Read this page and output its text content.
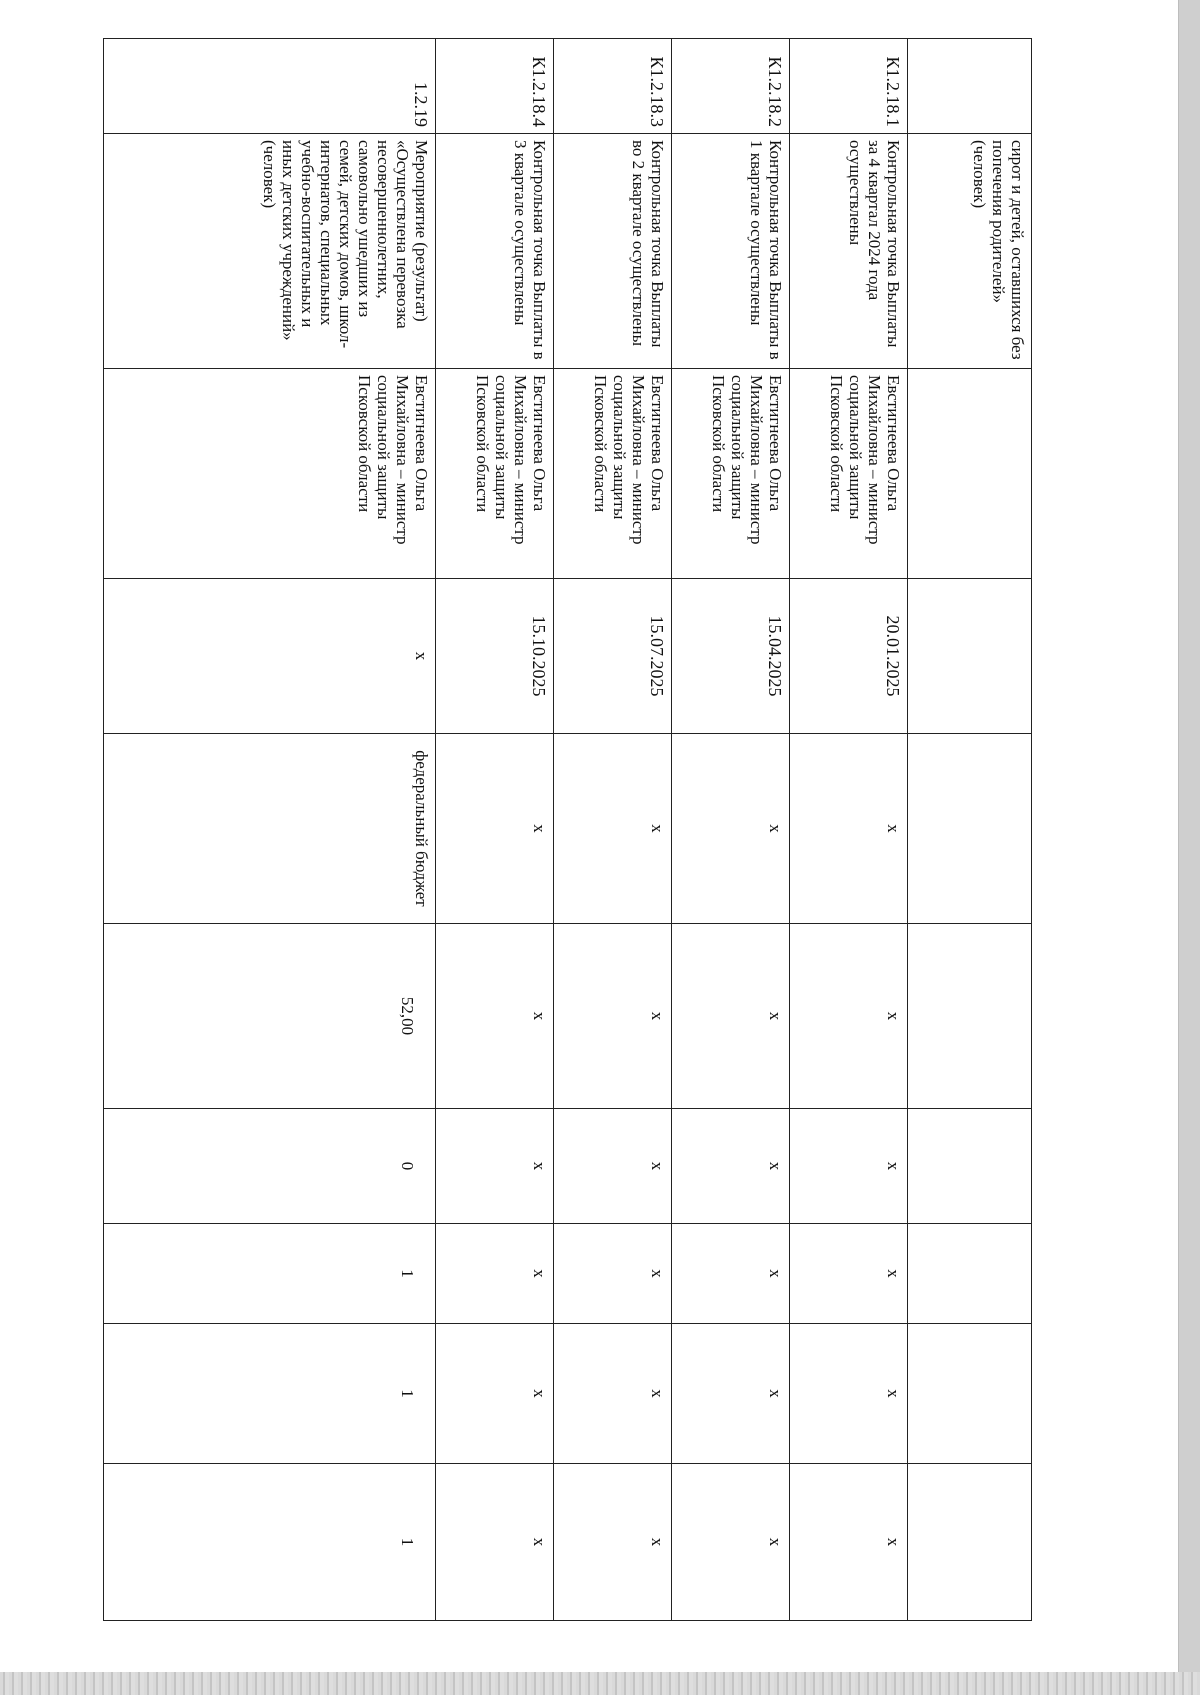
	сирот и детей, оставшихся без попечения родителей» (человек)								
К1.2.18.1	Контрольная точка Выплаты за 4 квартал 2024 года осуществлены	Евстигнеева Ольга Михайловна – министр социальной защиты Псковской области	20.01.2025	х	х	х	х	х	х
К1.2.18.2	Контрольная точка Выплаты в 1 квартале осуществлены	Евстигнеева Ольга Михайловна – министр социальной защиты Псковской области	15.04.2025	х	х	х	х	х	х
К1.2.18.3	Контрольная точка Выплаты во 2 квартале осуществлены	Евстигнеева Ольга Михайловна – министр социальной защиты Псковской области	15.07.2025	х	х	х	х	х	х
К1.2.18.4	Контрольная точка Выплаты в 3 квартале осуществлены	Евстигнеева Ольга Михайловна – министр социальной защиты Псковской области	15.10.2025	х	х	х	х	х	х
1.2.19	Мероприятие (результат) «Осуществлена перевозка несовершеннолетних, самовольно ушедших из семей, детских домов, школ-интернатов, специальных учебно-воспитательных и иных детских учреждений» (человек)	Евстигнеева Ольга Михайловна – министр социальной защиты Псковской области	х	федеральный бюджет	52,00	0	1	1	1
